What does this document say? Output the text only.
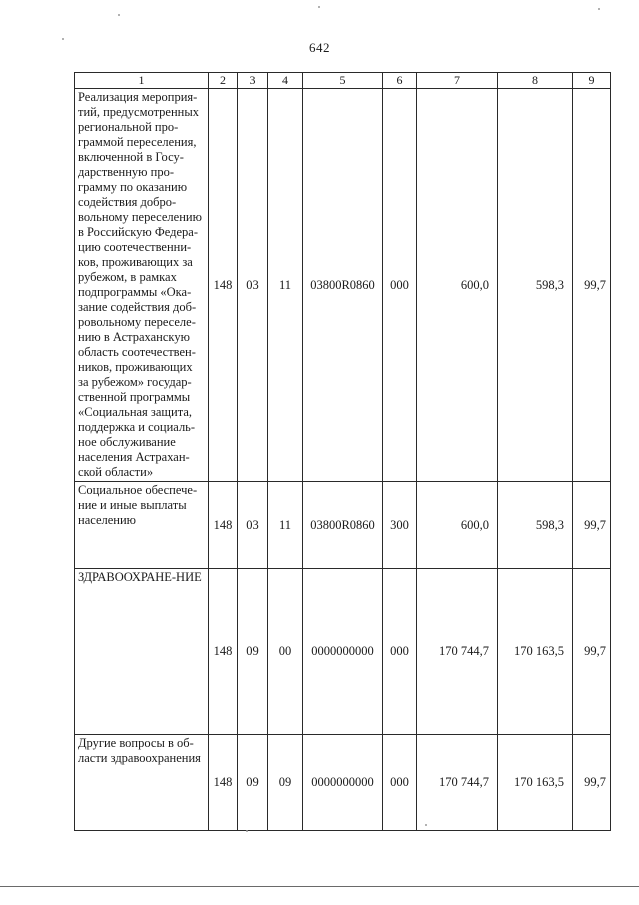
642
1	2	3	4	5	6	7	8	9
Реализация мероприя-тий, предусмотренных региональной про-граммой переселения, включенной в Госу-дарственную про-грамму по оказанию содействия добро-вольному переселению в Российскую Федера-цию соотечественни-ков, проживающих за рубежом, в рамках подпрограммы «Ока-зание содействия доб-ровольному переселе-нию в Астраханскую область соотечествен-ников, проживающих за рубежом» государ-ственной программы «Социальная защита, поддержка и социаль-ное обслуживание населения Астрахан-ской области»	148	03	11	03800R0860	000	600,0	598,3	99,7
Социальное обеспече-ние и иные выплаты населению	148	03	11	03800R0860	300	600,0	598,3	99,7
ЗДРАВООХРАНЕ-НИЕ	148	09	00	0000000000	000	170 744,7	170 163,5	99,7
Другие вопросы в об-ласти здравоохранения	148	09	09	0000000000	000	170 744,7	170 163,5	99,7
